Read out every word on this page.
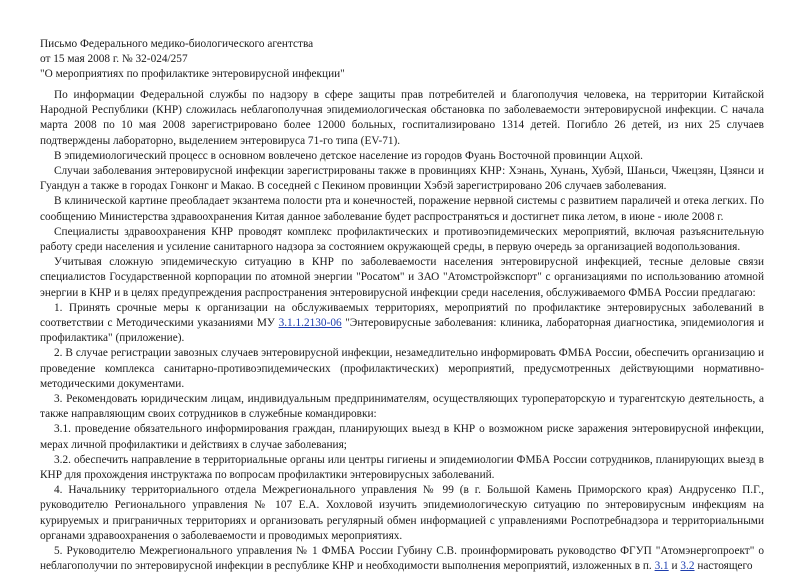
Письмо Федерального медико-биологического агентства
от 15 мая 2008 г. № 32-024/257
"О мероприятиях по профилактике энтеровирусной инфекции"

По информации Федеральной службы по надзору в сфере защиты прав потребителей и благополучия человека, на территории Китайской Народной Республики (КНР) сложилась неблагополучная эпидемиологическая обстановка по заболеваемости энтеровирусной инфекции. С начала марта 2008 по 10 мая 2008 зарегистрировано более 12000 больных, госпитализировано 1314 детей. Погибло 26 детей, из них 25 случаев подтверждены лабораторно, выделением энтеровируса 71-го типа (EV-71).

В эпидемиологический процесс в основном вовлечено детское население из городов Фуань Восточной провинции Ацхой.

Случаи заболевания энтеровирусной инфекции зарегистрированы также в провинциях КНР: Хэнань, Хунань, Хубэй, Шаньси, Чжецзян, Цзянси и Гуандун а также в городах Гонконг и Макао. В соседней с Пекином провинции Хэбэй зарегистрировано 206 случаев заболевания.

В клинической картине преобладает экзантема полости рта и конечностей, поражение нервной системы с развитием параличей и отека легких. По сообщению Министерства здравоохранения Китая данное заболевание будет распространяться и достигнет пика летом, в июне - июле 2008 г.

Специалисты здравоохранения КНР проводят комплекс профилактических и противоэпидемических мероприятий, включая разъяснительную работу среди населения и усиление санитарного надзора за состоянием окружающей среды, в первую очередь за организацией водопользования.

Учитывая сложную эпидемическую ситуацию в КНР по заболеваемости населения энтеровирусной инфекцией, тесные деловые связи специалистов Государственной корпорации по атомной энергии "Росатом" и ЗАО "Атомстройэкспорт" с организациями по использованию атомной энергии в КНР и в целях предупреждения распространения энтеровирусной инфекции среди населения, обслуживаемого ФМБА России предлагаю:

1. Принять срочные меры к организации на обслуживаемых территориях, мероприятий по профилактике энтеровирусных заболеваний в соответствии с Методическими указаниями МУ 3.1.1.2130-06 "Энтеровирусные заболевания: клиника, лабораторная диагностика, эпидемиология и профилактика" (приложение).

2. В случае регистрации завозных случаев энтеровирусной инфекции, незамедлительно информировать ФМБА России, обеспечить организацию и проведение комплекса санитарно-противоэпидемических (профилактических) мероприятий, предусмотренных действующими нормативно-методическими документами.

3. Рекомендовать юридическим лицам, индивидуальным предпринимателям, осуществляющих туроператорскую и турагентскую деятельность, а также направляющим своих сотрудников в служебные командировки:

3.1. проведение обязательного информирования граждан, планирующих выезд в КНР о возможном риске заражения энтеровирусной инфекции, мерах личной профилактики и действиях в случае заболевания;

3.2. обеспечить направление в территориальные органы или центры гигиены и эпидемиологии ФМБА России сотрудников, планирующих выезд в КНР для прохождения инструктажа по вопросам профилактики энтеровирусных заболеваний.

4. Начальнику территориального отдела Межрегионального управления № 99 (в г. Большой Камень Приморского края) Андрусенко П.Г., руководителю Регионального управления № 107 Е.А. Хохловой изучить эпидемиологическую ситуацию по энтеровирусным инфекциям на курируемых и приграничных территориях и организовать регулярный обмен информацией с управлениями Роспотребнадзора и территориальными органами здравоохранения о заболеваемости и проводимых мероприятиях.

5. Руководителю Межрегионального управления № 1 ФМБА России Губину С.В. проинформировать руководство ФГУП "Атомэнергопроект" о неблагополучии по энтеровирусной инфекции в республике КНР и необходимости выполнения мероприятий, изложенных в п. 3.1 и 3.2 настоящего
